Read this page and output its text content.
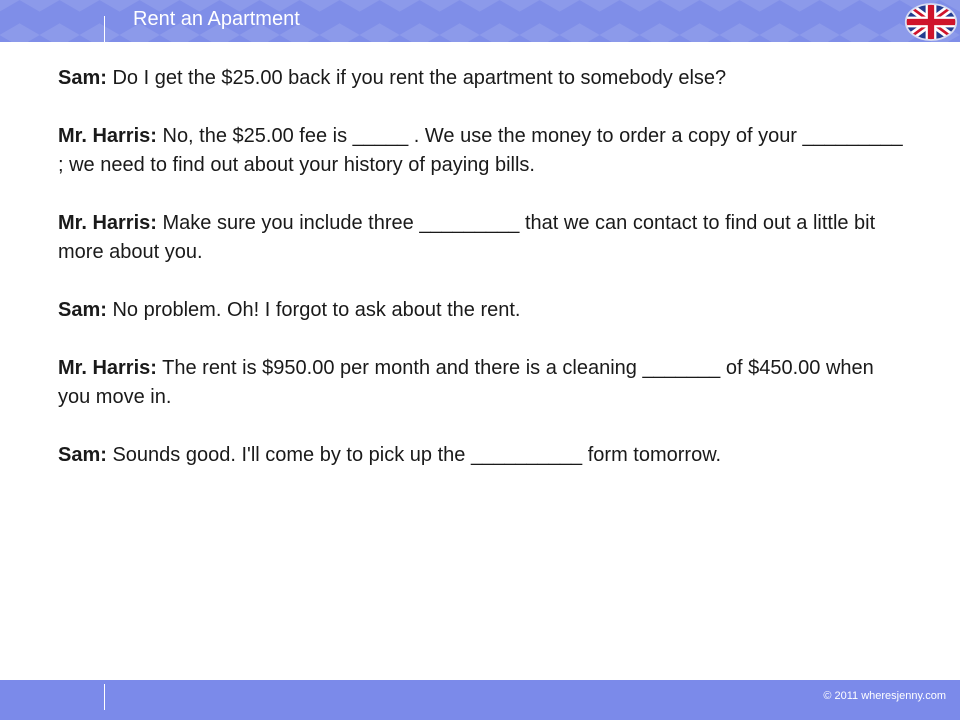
Rent an Apartment

Sam: Do I get the $25.00 back if you rent the apartment to somebody else?

Mr. Harris: No, the $25.00 fee is _____ . We use the money to order a copy of your _________ ; we need to find out about your history of paying bills.

Mr. Harris: Make sure you include three _________ that we can contact to find out a little bit more about you.

Sam: No problem. Oh! I forgot to ask about the rent.

Mr. Harris: The rent is $950.00 per month and there is a cleaning _______ of $450.00 when you move in.

Sam: Sounds good. I'll come by to pick up the __________ form tomorrow.

© 2011 wheresjenny.com
